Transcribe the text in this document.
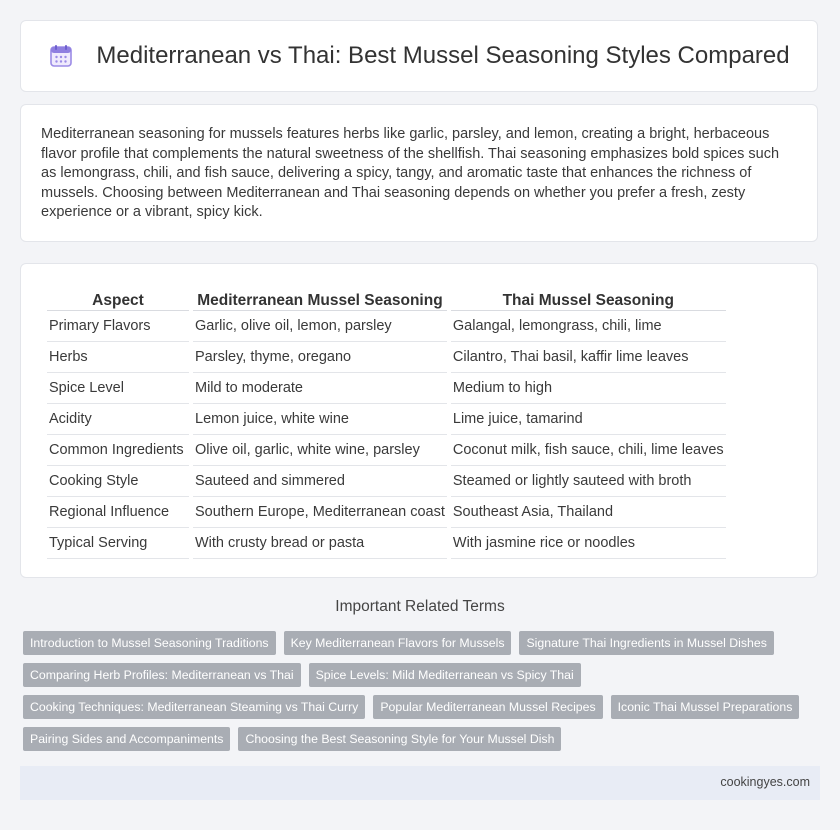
Mediterranean vs Thai: Best Mussel Seasoning Styles Compared

Mediterranean seasoning for mussels features herbs like garlic, parsley, and lemon, creating a bright, herbaceous flavor profile that complements the natural sweetness of the shellfish. Thai seasoning emphasizes bold spices such as lemongrass, chili, and fish sauce, delivering a spicy, tangy, and aromatic taste that enhances the richness of mussels. Choosing between Mediterranean and Thai seasoning depends on whether you prefer a fresh, zesty experience or a vibrant, spicy kick.

Aspect	Mediterranean Mussel Seasoning	Thai Mussel Seasoning
Primary Flavors	Garlic, olive oil, lemon, parsley	Galangal, lemongrass, chili, lime
Herbs	Parsley, thyme, oregano	Cilantro, Thai basil, kaffir lime leaves
Spice Level	Mild to moderate	Medium to high
Acidity	Lemon juice, white wine	Lime juice, tamarind
Common Ingredients	Olive oil, garlic, white wine, parsley	Coconut milk, fish sauce, chili, lime leaves
Cooking Style	Sauteed and simmered	Steamed or lightly sauteed with broth
Regional Influence	Southern Europe, Mediterranean coast	Southeast Asia, Thailand
Typical Serving	With crusty bread or pasta	With jasmine rice or noodles
Important Related Terms
Introduction to Mussel Seasoning Traditions	Key Mediterranean Flavors for Mussels	Signature Thai Ingredients in Mussel Dishes
Comparing Herb Profiles: Mediterranean vs Thai	Spice Levels: Mild Mediterranean vs Spicy Thai
Cooking Techniques: Mediterranean Steaming vs Thai Curry	Popular Mediterranean Mussel Recipes	Iconic Thai Mussel Preparations
Pairing Sides and Accompaniments	Choosing the Best Seasoning Style for Your Mussel Dish
cookingyes.com
